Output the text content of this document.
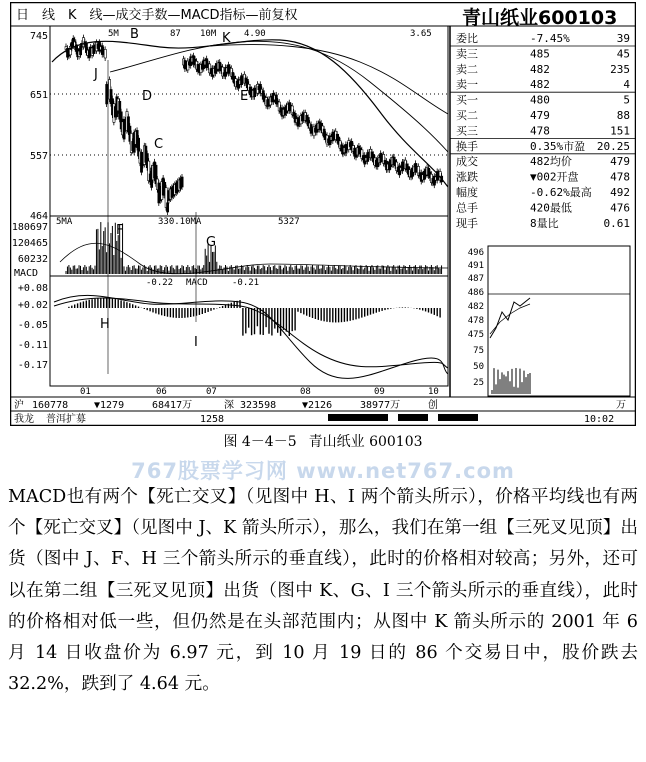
日　线　K　线—成交手数—MACD指标—前复权	青山纸业600103
5M	87 10M	4.90	3.65
745
651
557
464
180697
120465
60232
+0.08
+0.02
-0.05
-0.11
-0.17
MACD
5MA	330.10MA	5327
-0.22 MACD	-0.21
01	06	07	08	09	10
A
B
J
D	E
K
C
F
G
H
I
委比	-7.45%	39
卖三	485	45
卖二	482	235
卖一	482	4
买一	480	5
买二	479	88
买三	478	151
换手	0.35%市盈 20.25
成交	482均价	479
涨跌	▼002开盘	478
幅度	-0.62%最高 492
总手	420最低	476
现手	8量比	0.61
496
491
487
486
482
478
475
75
50
25
沪 160778	▼1279	68417万	深 323598	▼2126	38977万	创	万
我龙 普洱扩募	1258	10:02
图 4－4－5 青山纸业 600103
767股票学习网 www.net767.com

MACD也有两个【死亡交叉】（见图中 H、I 两个箭头所示），价格平均线也有两个【死亡交叉】（见图中 J、K 箭头所示），那么，我们在第一组【三死叉见顶】出货（图中 J、F、H 三个箭头所示的垂直线），此时的价格相对较高；另外，还可以在第二组【三死叉见顶】出货（图中 K、G、I 三个箭头所示的垂直线），此时的价格相对低一些，但仍然是在头部范围内；从图中 K 箭头所示的 2001 年 6 月 14 日收盘价为 6.97 元，到 10 月 19 日的 86 个交易日中，股价跌去 32.2%，跌到了 4.64 元。
